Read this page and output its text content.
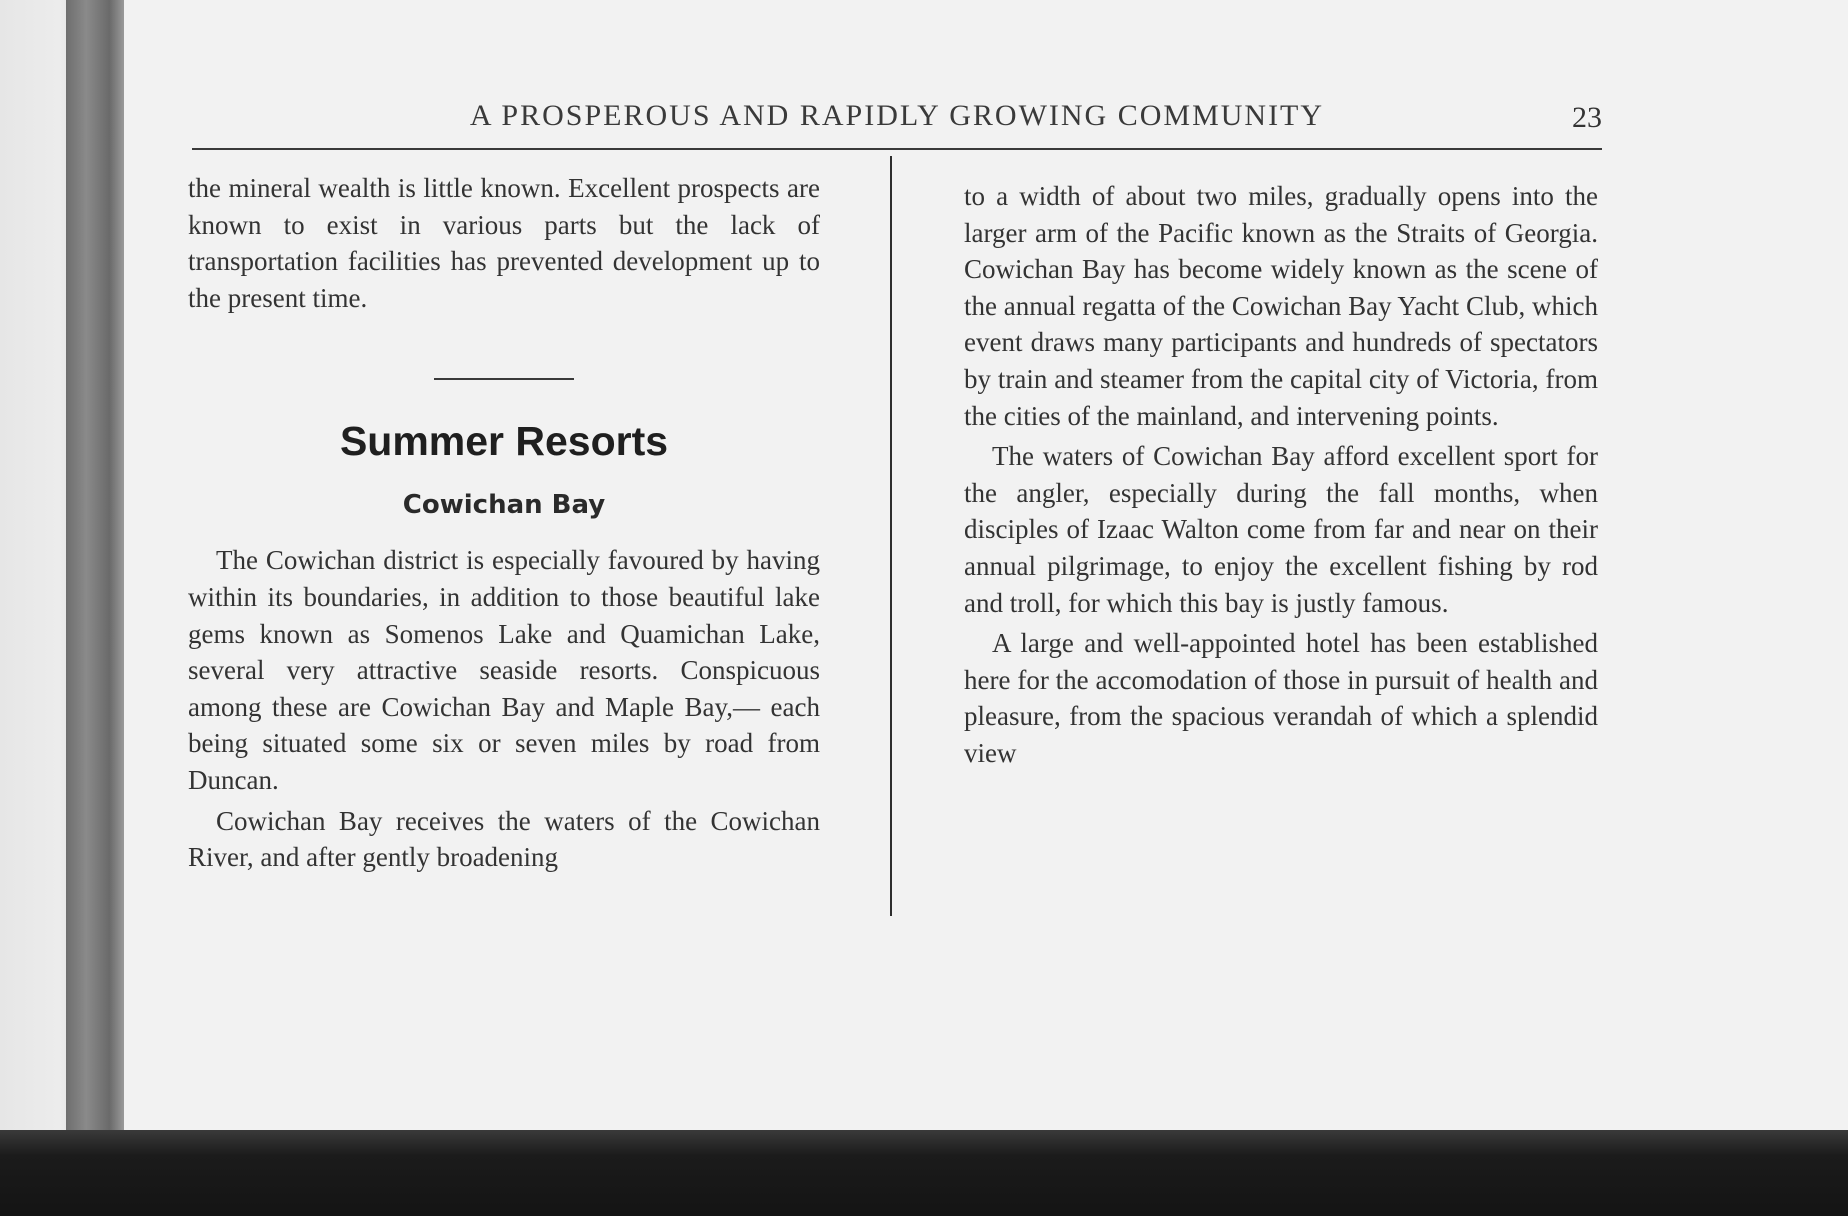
A PROSPEROUS AND RAPIDLY GROWING COMMUNITY	23

the mineral wealth is little known. Excellent prospects are known to exist in various parts but the lack of transportation facilities has prevented development up to the present time.

Summer Resorts
Cowichan Bay

The Cowichan district is especially favoured by having within its boundaries, in addition to those beautiful lake gems known as Somenos Lake and Quamichan Lake, several very attractive seaside resorts. Conspicuous among these are Cowichan Bay and Maple Bay,— each being situated some six or seven miles by road from Duncan.

Cowichan Bay receives the waters of the Cowichan River, and after gently broadening

to a width of about two miles, gradually opens into the larger arm of the Pacific known as the Straits of Georgia. Cowichan Bay has become widely known as the scene of the annual regatta of the Cowichan Bay Yacht Club, which event draws many participants and hundreds of spectators by train and steamer from the capital city of Victoria, from the cities of the mainland, and intervening points.

The waters of Cowichan Bay afford excellent sport for the angler, especially during the fall months, when disciples of Izaac Walton come from far and near on their annual pilgrimage, to enjoy the excellent fishing by rod and troll, for which this bay is justly famous.

A large and well-appointed hotel has been established here for the accomodation of those in pursuit of health and pleasure, from the spacious verandah of which a splendid view
